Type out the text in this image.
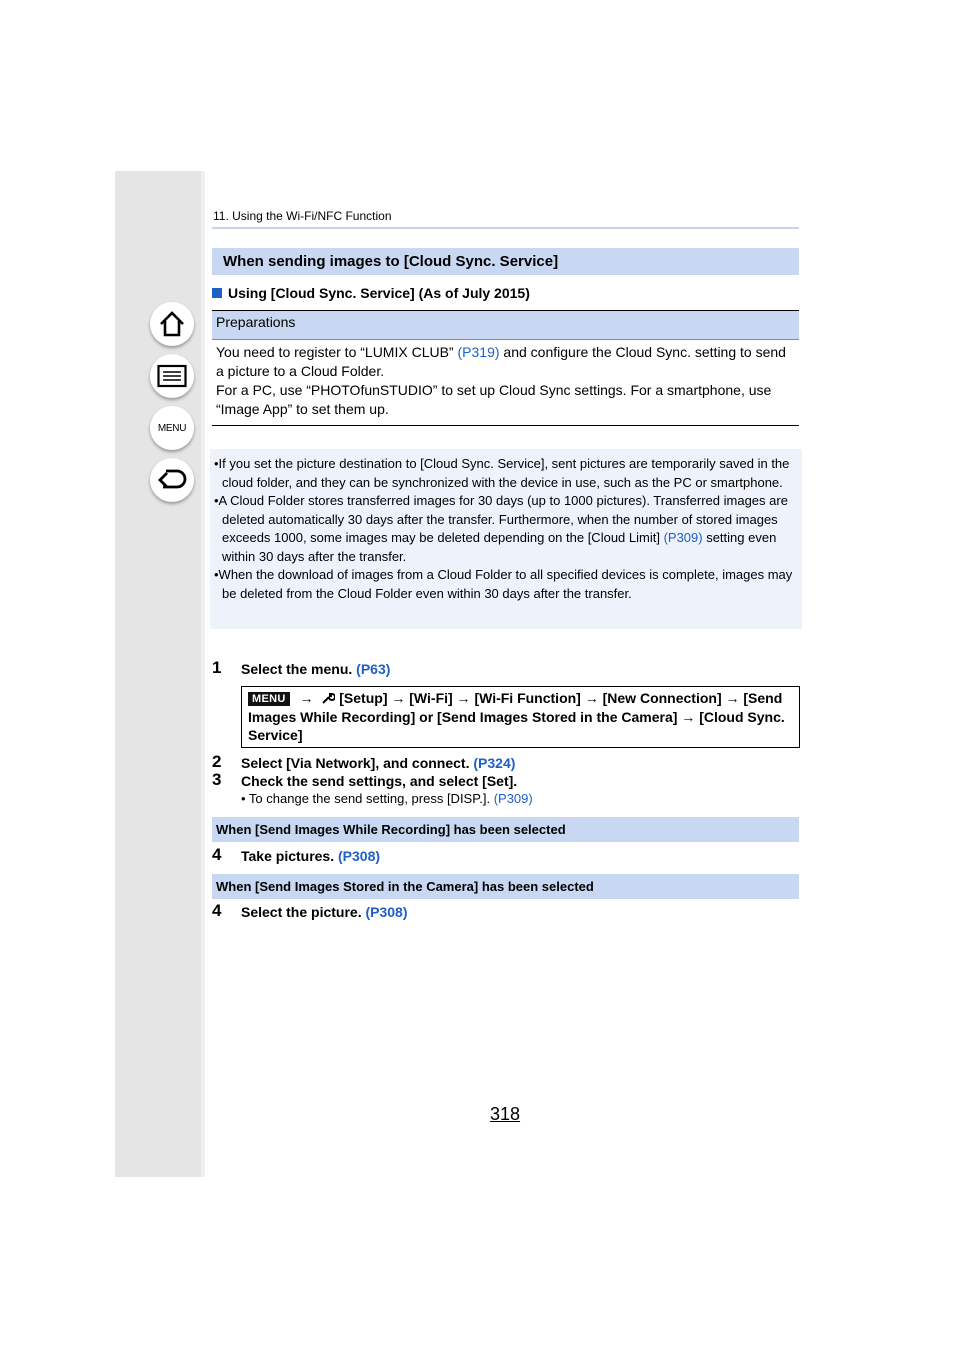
MENU
11. Using the Wi-Fi/NFC Function
When sending images to [Cloud Sync. Service]
Using [Cloud Sync. Service] (As of July 2015)
Preparations
You need to register to “LUMIX CLUB” (P319) and configure the Cloud Sync. setting to send a picture to a Cloud Folder.
For a PC, use “PHOTOfunSTUDIO” to set up Cloud Sync settings. For a smartphone, use “Image App” to set them up.

•If you set the picture destination to [Cloud Sync. Service], sent pictures are temporarily saved in the cloud folder, and they can be synchronized with the device in use, such as the PC or smartphone.

•A Cloud Folder stores transferred images for 30 days (up to 1000 pictures). Transferred images are deleted automatically 30 days after the transfer. Furthermore, when the number of stored images exceeds 1000, some images may be deleted depending on the [Cloud Limit] (P309) setting even within 30 days after the transfer.

•When the download of images from a Cloud Folder to all specified devices is complete, images may be deleted from the Cloud Folder even within 30 days after the transfer.

1 Select the menu. (P63)
MENU → [Setup] → [Wi-Fi] → [Wi-Fi Function] → [New Connection] → [Send Images While Recording] or [Send Images Stored in the Camera] → [Cloud Sync. Service]
2 Select [Via Network], and connect. (P324)
3 Check the send settings, and select [Set].
• To change the send setting, press [DISP.]. (P309)
When [Send Images While Recording] has been selected
4 Take pictures. (P308)
When [Send Images Stored in the Camera] has been selected
4 Select the picture. (P308)
318
